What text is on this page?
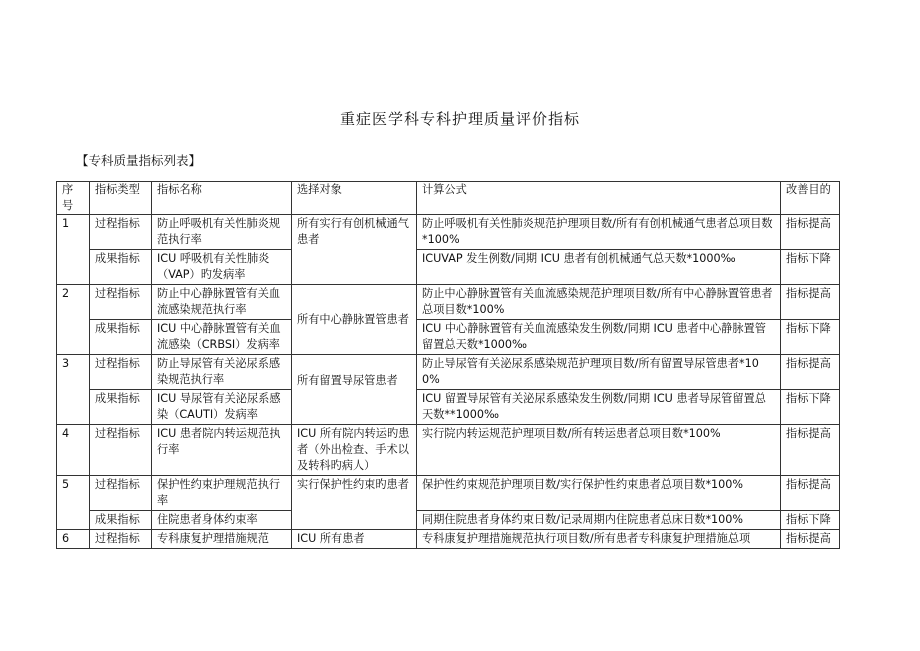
重症医学科专科护理质量评价指标
【专科质量指标列表】
序号	指标类型	指标名称	选择对象	计算公式	改善目的
1	过程指标	防止呼吸机有关性肺炎规范执行率	所有实行有创机械通气患者	防止呼吸机有关性肺炎规范护理项目数/所有有创机械通气患者总项目数*100%	指标提高
	成果指标	ICU 呼吸机有关性肺炎（VAP）旳发病率		ICUVAP 发生例数/同期 ICU 患者有创机械通气总天数*1000‰	指标下降
2	过程指标	防止中心静脉置管有关血流感染规范执行率	所有中心静脉置管患者	防止中心静脉置管有关血流感染规范护理项目数/所有中心静脉置管患者总项目数*100%	指标提高
	成果指标	ICU 中心静脉置管有关血流感染（CRBSI）发病率		ICU 中心静脉置管有关血流感染发生例数/同期 ICU 患者中心静脉置管留置总天数*1000‰	指标下降
3	过程指标	防止导尿管有关泌尿系感染规范执行率	所有留置导尿管患者	防止导尿管有关泌尿系感染规范护理项目数/所有留置导尿管患者*100%	指标提高
	成果指标	ICU 导尿管有关泌尿系感染（CAUTI）发病率		ICU 留置导尿管有关泌尿系感染发生例数/同期 ICU 患者导尿管留置总天数**1000‰	指标下降
4	过程指标	ICU 患者院内转运规范执行率	ICU 所有院内转运旳患者（外出检查、手术以及转科旳病人）	实行院内转运规范护理项目数/所有转运患者总项目数*100%	指标提高
5	过程指标	保护性约束护理规范执行率	实行保护性约束旳患者	保护性约束规范护理项目数/实行保护性约束患者总项目数*100%	指标提高
	成果指标	住院患者身体约束率		同期住院患者身体约束日数/记录周期内住院患者总床日数*100%	指标下降
6	过程指标	专科康复护理措施规范	ICU 所有患者	专科康复护理措施规范执行项目数/所有患者专科康复护理措施总项	指标提高
